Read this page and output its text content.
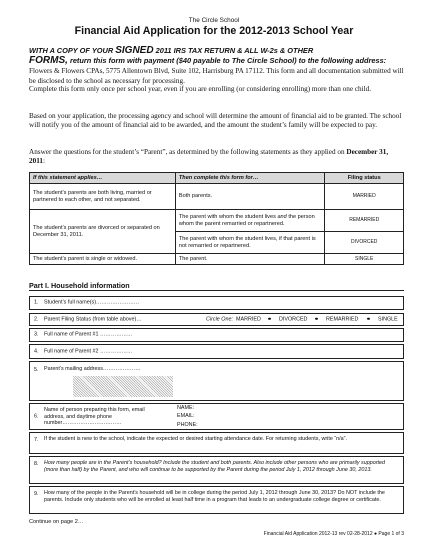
The Circle School
Financial Aid Application for the 2012-2013 School Year
WITH A COPY OF YOUR SIGNED 2011 IRS TAX RETURN & ALL W-2s & OTHER
FORMS, return this form with payment ($40 payable to The Circle School) to the following address: Flowers & Flowers CPAs, 5775 Allentown Blvd, Suite 102, Harrisburg PA 17112. This form and all documentation submitted will be disclosed to the school as necessary for processing.
Complete this form only once per school year, even if you are enrolling (or considering enrolling) more than one child.
Based on your application, the processing agency and school will determine the amount of financial aid to be granted. The school will notify you of the amount of financial aid to be awarded, and the amount the student’s family will be expected to pay.
Answer the questions for the student’s “Parent”, as determined by the following statements as they applied on December 31, 2011:
If this statement applies…	Then complete this form for…	Filing status
The student’s parents are both living, married or partnered to each other, and not separated.	Both parents.	MARRIED
The student’s parents are divorced or separated on December 31, 2011.	The parent with whom the student lives and the person whom the parent remarried or repartnered.	REMARRIED
	The parent with whom the student lives, if that parent is not remarried or repartnered.	DIVORCED
The student’s parent is single or widowed.	The parent.	SINGLE
Part I. Household information
1. Student’s full name(s)……………………
2. Parent Filing Status (from table above)…	Circle One: MARRIED	DIVORCED	REMARRIED	SINGLE
3. Full name of Parent #1 ………………
4. Full name of Parent #2 ………………
5. Parent’s mailing address…………………
6.
Name of person preparing this form, email address, and daytime phone number……………………………
NAME:
EMAIL:
PHONE:
7. If the student is new to the school, indicate the expected or desired starting attendance date. For returning students, write “n/a”.
8. How many people are in the Parent’s household? Include the student and both parents. Also include other persons who are primarily supported (more than half) by the Parent, and who will continue to be supported by the Parent during the period July 1, 2012 through June 30, 2013.
9. How many of the people in the Parent’s household will be in college during the period July 1, 2012 through June 30, 2013? Do NOT include the parents. Include only students who will be enrolled at least half time in a program that leads to an undergraduate college degree or certificate.
Continue on page 2…
Financial Aid Application 2012-13 rev 02-28-2012 ● Page 1 of 3
